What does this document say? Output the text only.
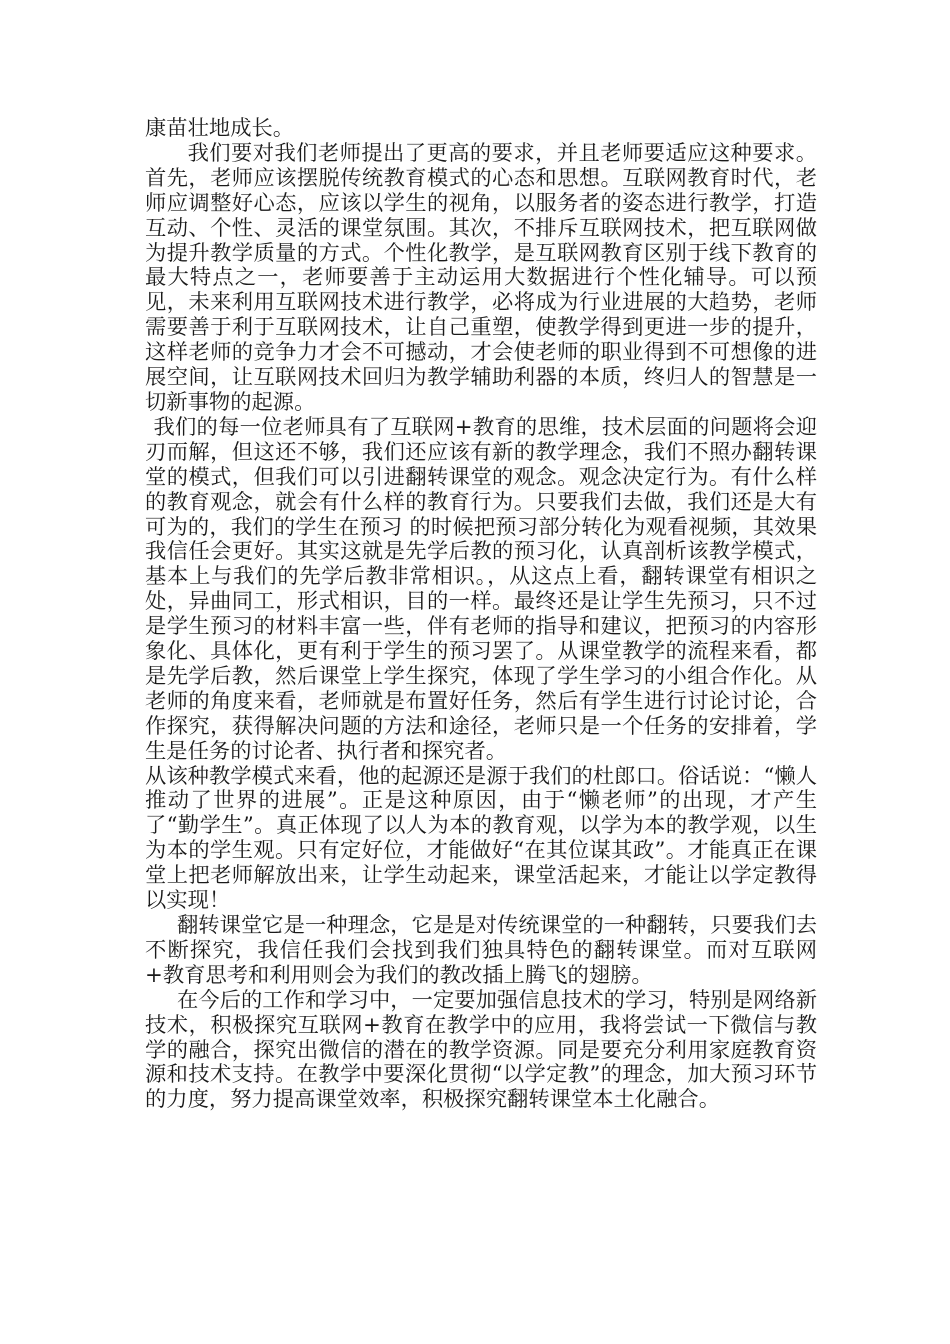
康苗壮地成长。

我们要对我们老师提出了更高的要求，并且老师要适应这种要求。首先，老师应该摆脱传统教育模式的心态和思想。互联网教育时代，老师应调整好心态，应该以学生的视角，以服务者的姿态进行教学，打造互动、个性、灵活的课堂氛围。其次，不排斥互联网技术，把互联网做为提升教学质量的方式。个性化教学，是互联网教育区别于线下教育的最大特点之一，老师要善于主动运用大数据进行个性化辅导。可以预见，未来利用互联网技术进行教学，必将成为行业进展的大趋势，老师需要善于利于互联网技术，让自己重塑，使教学得到更进一步的提升，这样老师的竞争力才会不可撼动，才会使老师的职业得到不可想像的进展空间，让互联网技术回归为教学辅助利器的本质，终归人的智慧是一切新事物的起源。

我们的每一位老师具有了互联网+教育的思维，技术层面的问题将会迎刃而解，但这还不够，我们还应该有新的教学理念，我们不照办翻转课堂的模式，但我们可以引进翻转课堂的观念。观念决定行为。有什么样的教育观念，就会有什么样的教育行为。只要我们去做，我们还是大有可为的，我们的学生在预习 的时候把预习部分转化为观看视频，其效果我信任会更好。其实这就是先学后教的预习化，认真剖析该教学模式，基本上与我们的先学后教非常相识。，从这点上看，翻转课堂有相识之处，异曲同工，形式相识，目的一样。最终还是让学生先预习，只不过是学生预习的材料丰富一些，伴有老师的指导和建议，把预习的内容形象化、具体化，更有利于学生的预习罢了。从课堂教学的流程来看，都是先学后教，然后课堂上学生探究，体现了学生学习的小组合作化。从老师的角度来看，老师就是布置好任务，然后有学生进行讨论讨论，合作探究，获得解决问题的方法和途径，老师只是一个任务的安排着，学生是任务的讨论者、执行者和探究者。

从该种教学模式来看，他的起源还是源于我们的杜郎口。俗话说：“懒人推动了世界的进展”。正是这种原因，由于“懒老师”的出现，才产生了“勤学生”。真正体现了以人为本的教育观，以学为本的教学观，以生为本的学生观。只有定好位，才能做好“在其位谋其政”。才能真正在课堂上把老师解放出来，让学生动起来，课堂活起来，才能让以学定教得以实现！

翻转课堂它是一种理念，它是是对传统课堂的一种翻转，只要我们去不断探究，我信任我们会找到我们独具特色的翻转课堂。而对互联网+教育思考和利用则会为我们的教改插上腾飞的翅膀。

在今后的工作和学习中，一定要加强信息技术的学习，特别是网络新技术，积极探究互联网+教育在教学中的应用，我将尝试一下微信与教学的融合，探究出微信的潜在的教学资源。同是要充分利用家庭教育资源和技术支持。在教学中要深化贯彻“以学定教”的理念，加大预习环节的力度，努力提高课堂效率，积极探究翻转课堂本土化融合。
